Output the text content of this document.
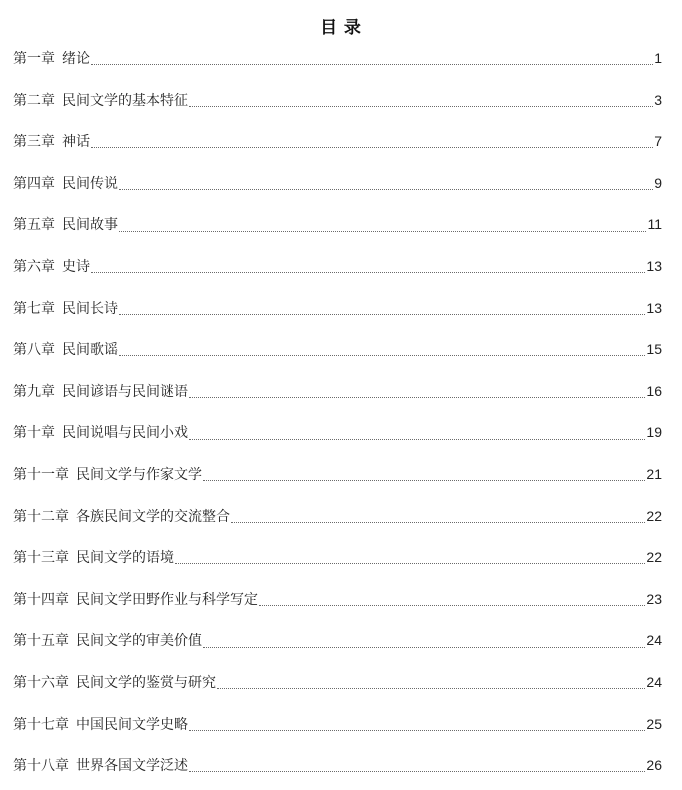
目 录
第一章 绪论	1
第二章 民间文学的基本特征	3
第三章 神话	7
第四章 民间传说	9
第五章 民间故事	11
第六章 史诗	13
第七章 民间长诗	13
第八章 民间歌谣	15
第九章 民间谚语与民间谜语	16
第十章 民间说唱与民间小戏	19
第十一章 民间文学与作家文学	21
第十二章 各族民间文学的交流整合	22
第十三章 民间文学的语境	22
第十四章 民间文学田野作业与科学写定	23
第十五章 民间文学的审美价值	24
第十六章 民间文学的鉴赏与研究	24
第十七章 中国民间文学史略	25
第十八章 世界各国文学泛述	26
